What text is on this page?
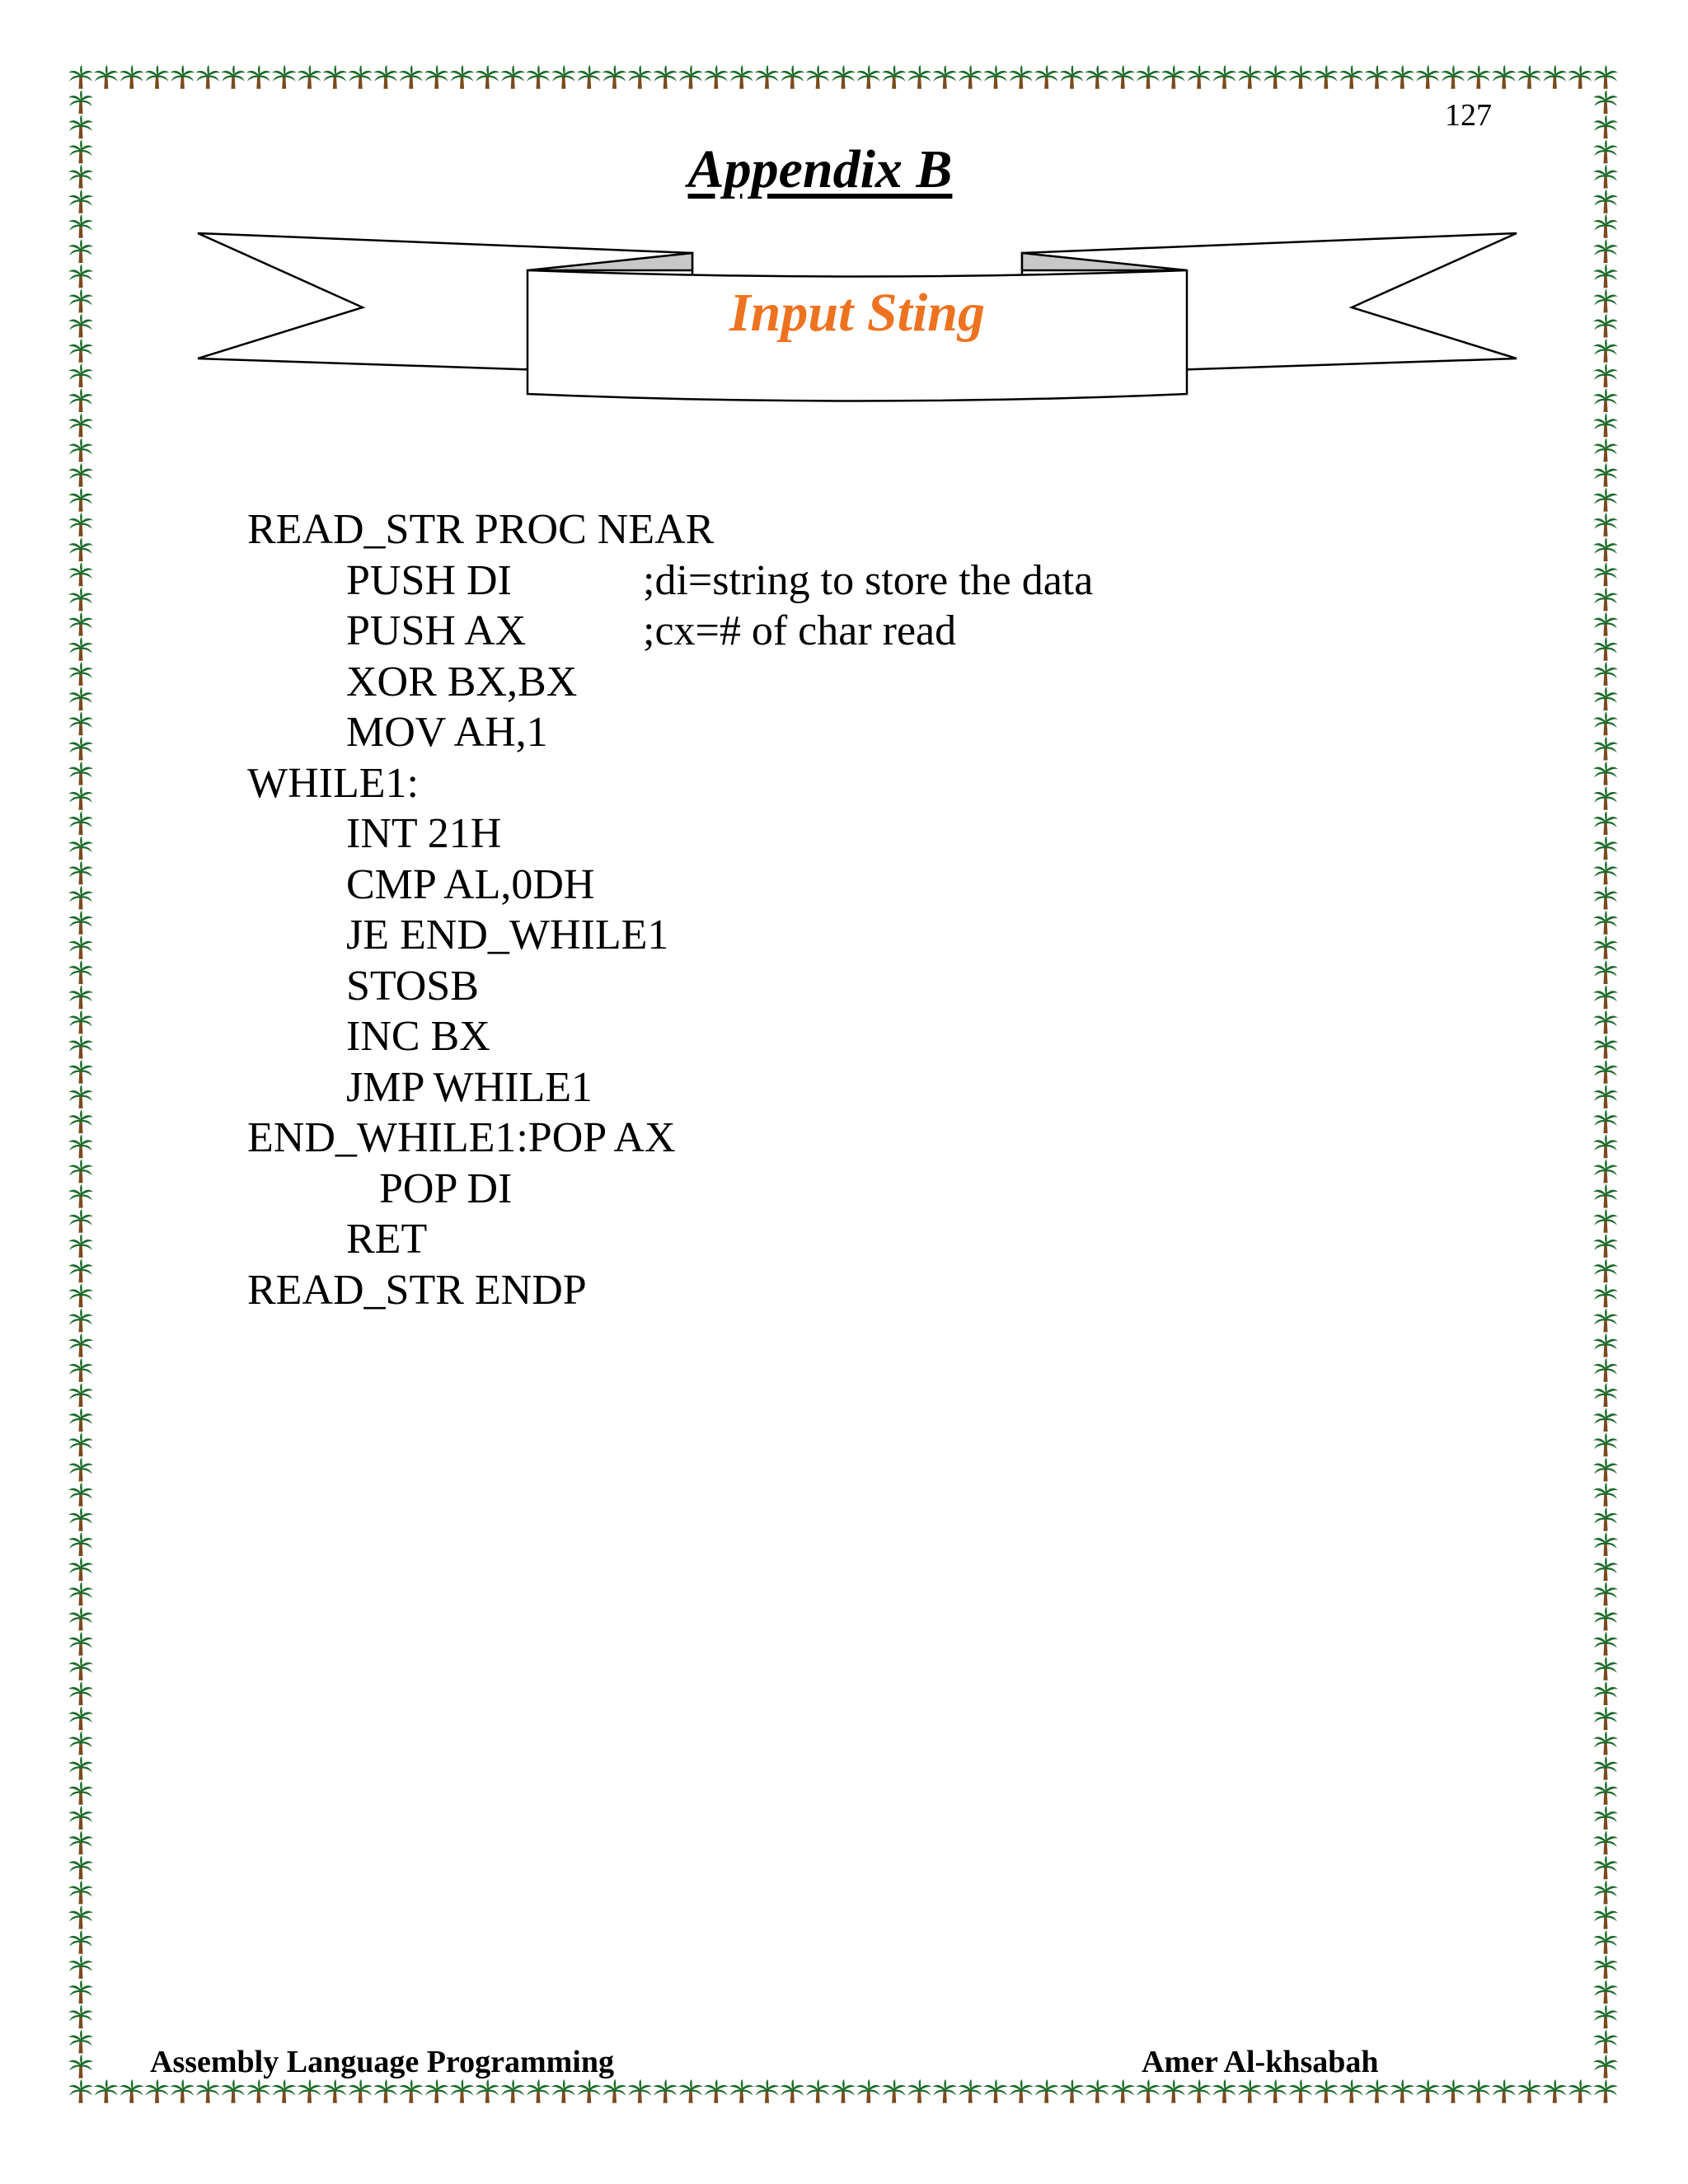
127
Appendix B
Input Sting
READ_STR PROC NEAR
PUSH DI	;di=string to store the data
PUSH AX	;cx=# of char read
XOR BX,BX
MOV AH,1
WHILE1:
INT 21H
CMP AL,0DH
JE END_WHILE1
STOSB
INC BX
JMP WHILE1
END_WHILE1:POP AX
POP DI
RET
READ_STR ENDP
Assembly Language Programming	Amer Al-khsabah
